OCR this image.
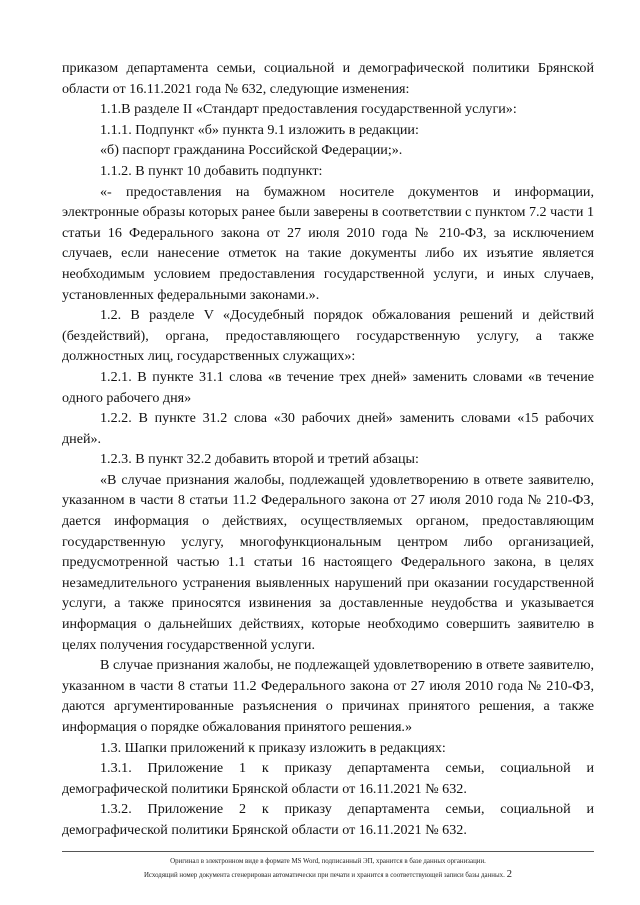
приказом департамента семьи, социальной и демографической политики Брянской области от 16.11.2021 года № 632, следующие изменения:

1.1.В разделе II «Стандарт предоставления государственной услуги»:

1.1.1. Подпункт «б» пункта 9.1 изложить в редакции:

«б) паспорт гражданина Российской Федерации;».

1.1.2. В пункт 10 добавить подпункт:

«- предоставления на бумажном носителе документов и информации, электронные образы которых ранее были заверены в соответствии с пунктом 7.2 части 1 статьи 16 Федерального закона от 27 июля 2010 года № 210-ФЗ, за исключением случаев, если нанесение отметок на такие документы либо их изъятие является необходимым условием предоставления государственной услуги, и иных случаев, установленных федеральными законами.».

1.2. В разделе V «Досудебный порядок обжалования решений и действий (бездействий), органа, предоставляющего государственную услугу, а также должностных лиц, государственных служащих»:

1.2.1. В пункте 31.1 слова «в течение трех дней» заменить словами «в течение одного рабочего дня»

1.2.2. В пункте 31.2 слова «30 рабочих дней» заменить словами «15 рабочих дней».

1.2.3. В пункт 32.2 добавить второй и третий абзацы:

«В случае признания жалобы, подлежащей удовлетворению в ответе заявителю, указанном в части 8 статьи 11.2 Федерального закона от 27 июля 2010 года № 210-ФЗ, дается информация о действиях, осуществляемых органом, предоставляющим государственную услугу, многофункциональным центром либо организацией, предусмотренной частью 1.1 статьи 16 настоящего Федерального закона, в целях незамедлительного устранения выявленных нарушений при оказании государственной услуги, а также приносятся извинения за доставленные неудобства и указывается информация о дальнейших действиях, которые необходимо совершить заявителю в целях получения государственной услуги.

В случае признания жалобы, не подлежащей удовлетворению в ответе заявителю, указанном в части 8 статьи 11.2 Федерального закона от 27 июля 2010 года № 210-ФЗ, даются аргументированные разъяснения о причинах принятого решения, а также информация о порядке обжалования принятого решения.»

1.3. Шапки приложений к приказу изложить в редакциях:

1.3.1. Приложение 1 к приказу департамента семьи, социальной и демографической политики Брянской области от 16.11.2021 № 632.

1.3.2. Приложение 2 к приказу департамента семьи, социальной и демографической политики Брянской области от 16.11.2021 № 632.

Оригинал в электронном виде в формате MS Word, подписанный ЭП, хранится в базе данных организации.
Исходящий номер документа сгенерирован автоматически при печати и хранится в соответствующей записи базы данных. 2
